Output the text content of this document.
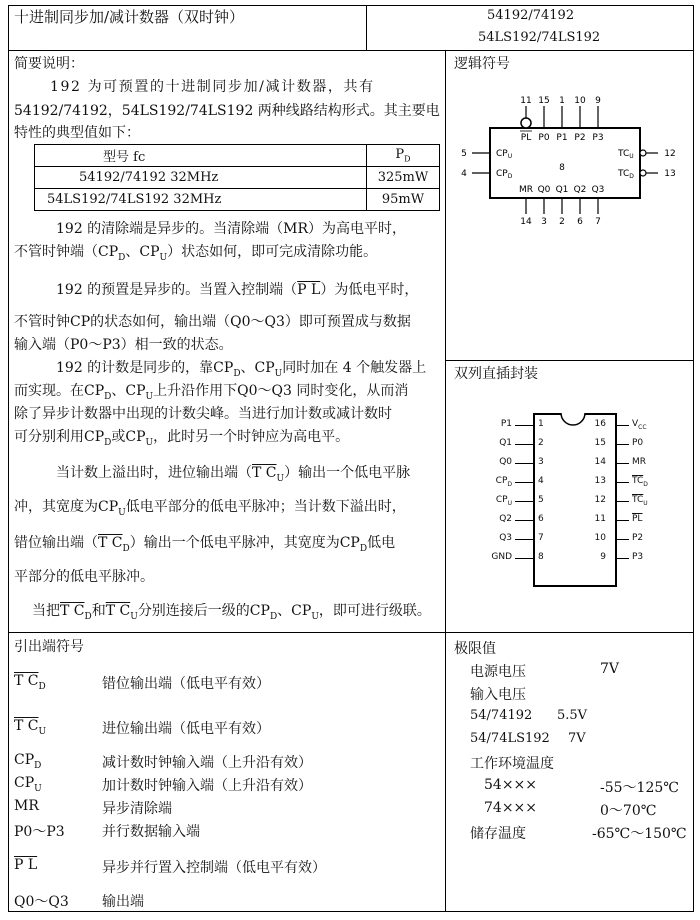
十进制同步加/减计数器（双时钟）	54192/74192
54LS192/74LS192
简要说明：
192 为可预置的十进制同步加/减计数器，共有
54192/74192，54LS192/74LS192 两种线路结构形式。其主要电
特性的典型值如下：
型号 fc	$P_D$
54192/74192 32MHz	325mW
54LS192/74LS192 32MHz	95mW
192 的清除端是异步的。当清除端（MR）为高电平时，
不管时钟端（$CP_D$、$CP_U$）状态如何，即可完成清除功能。
192 的预置是异步的。当置入控制端（P L）为低电平时，
不管时钟CP的状态如何，输出端（Q0～Q3）即可预置成与数据
输入端（P0～P3）相一致的状态。
192 的计数是同步的，靠$CP_D$、$CP_U$同时加在 4 个触发器上
而实现。在$CP_D$、$CP_U$上升沿作用下Q0～Q3 同时变化，从而消
除了异步计数器中出现的计数尖峰。当进行加计数或减计数时
可分别利用$CP_D$或$CP_U$，此时另一个时钟应为高电平。
当计数上溢出时，进位输出端（T $C_U$）输出一个低电平脉
冲，其宽度为$CP_U$低电平部分的低电平脉冲；当计数下溢出时，
错位输出端（T $C_D$）输出一个低电平脉冲，其宽度为$CP_D$低电
平部分的低电平脉冲。
当把T $C_D$和T $C_U$分别连接后一级的$CP_D$、$CP_U$，即可进行级联。
逻辑符号
11 15 1 10 9
PL P0 P1 P2 P3
MR Q0 Q1 Q2 Q3
14 3 2 6 7
8
5
4
12
13
$CP_U$
$CP_D$
$TC_U$
$TC_D$
双列直插封装
引出端符号	极限值
电源电压	7V
输入电压
54/74192 5.5V
54/74LS192 7V
工作环境温度
54×××	-55～125℃
74×××	0～70℃
储存温度	-65℃～150℃
P1	1
Q1	2
Q0	3
$CP_D$	4
$CP_U$	5
Q2	6
Q3	7
GND	8
16	$V_{CC}$
15	P0
14	MR
13	$\overline{TC}_D$
12	$\overline{TC}_U$
11	$\overline{PL}$
10	P2
9	P3
T $C_D$	错位输出端（低电平有效）
T $C_U$	进位输出端（低电平有效）
$CP_D$	减计数时钟输入端（上升沿有效）
$CP_U$	加计数时钟输入端（上升沿有效）
MR	异步清除端
P0～P3	并行数据输入端
P L	异步并行置入控制端（低电平有效）
Q0～Q3 输出端
